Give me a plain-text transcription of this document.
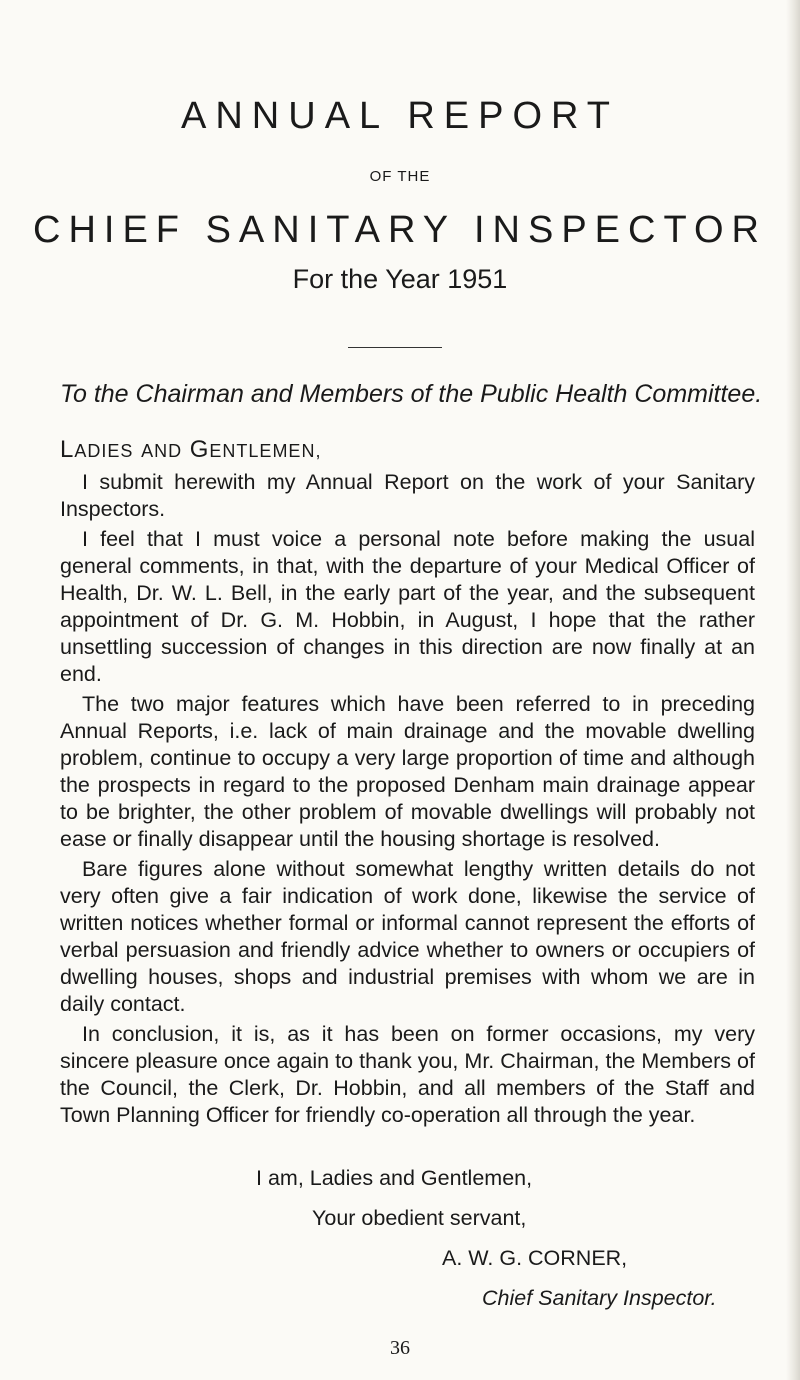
ANNUAL REPORT
OF THE
CHIEF SANITARY INSPECTOR
For the Year 1951
To the Chairman and Members of the Public Health Committee.
LADIES AND GENTLEMEN,

I submit herewith my Annual Report on the work of your Sanitary Inspectors.

I feel that I must voice a personal note before making the usual general comments, in that, with the departure of your Medical Officer of Health, Dr. W. L. Bell, in the early part of the year, and the subsequent appointment of Dr. G. M. Hobbin, in August, I hope that the rather unsettling succession of changes in this direction are now finally at an end.

The two major features which have been referred to in preceding Annual Reports, i.e. lack of main drainage and the movable dwelling problem, continue to occupy a very large proportion of time and although the prospects in regard to the proposed Denham main drainage appear to be brighter, the other problem of movable dwellings will probably not ease or finally disappear until the housing shortage is resolved.

Bare figures alone without somewhat lengthy written details do not very often give a fair indication of work done, likewise the service of written notices whether formal or informal cannot represent the efforts of verbal persuasion and friendly advice whether to owners or occupiers of dwelling houses, shops and industrial premises with whom we are in daily contact.

In conclusion, it is, as it has been on former occasions, my very sincere pleasure once again to thank you, Mr. Chairman, the Members of the Council, the Clerk, Dr. Hobbin, and all members of the Staff and Town Planning Officer for friendly co-operation all through the year.

I am, Ladies and Gentlemen,
Your obedient servant,
A. W. G. CORNER,
Chief Sanitary Inspector.
36
